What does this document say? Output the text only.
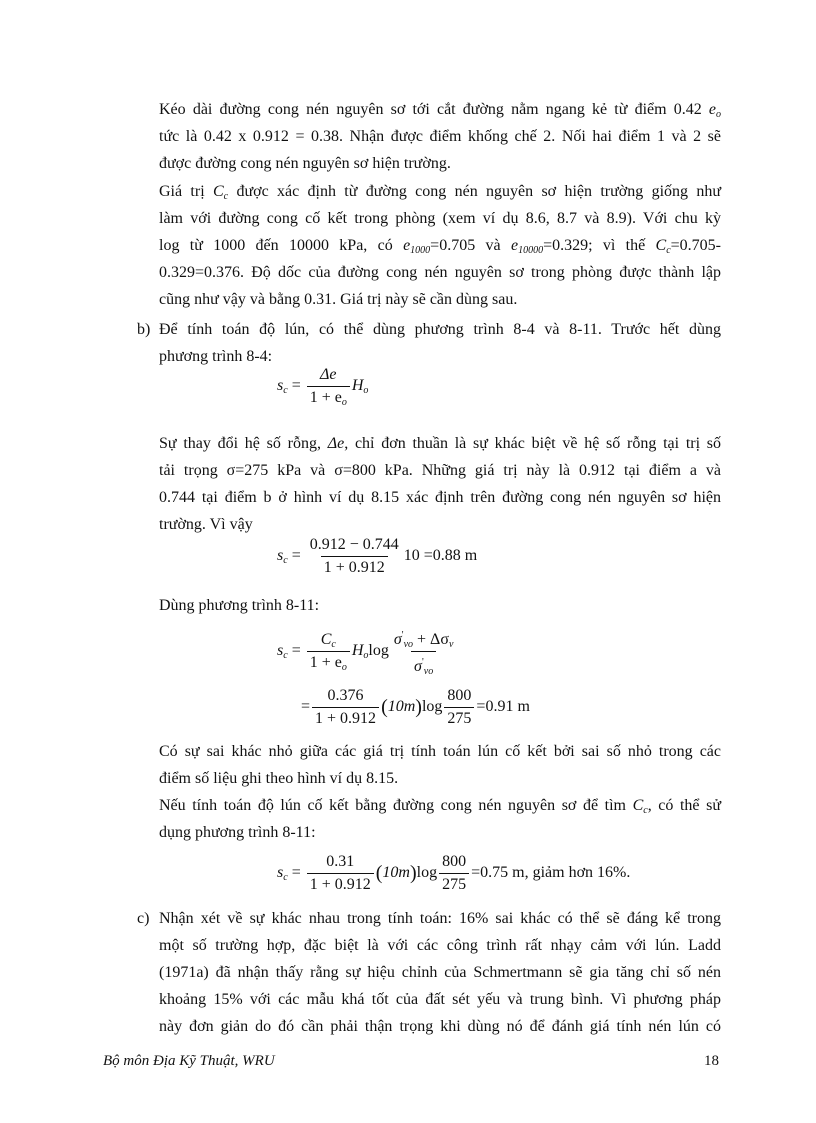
Kéo dài đường cong nén nguyên sơ tới cắt đường nằm ngang kẻ từ điểm 0.42 $e_o$

tức là 0.42 x 0.912 = 0.38. Nhận được điểm khống chế 2. Nối hai điểm 1 và 2 sẽ

được đường cong nén nguyên sơ hiện trường.

Giá trị $C_c$ được xác định từ đường cong nén nguyên sơ hiện trường giống như

làm với đường cong cố kết trong phòng (xem ví dụ 8.6, 8.7 và 8.9). Với chu kỳ

log từ 1000 đến 10000 kPa, có $e_{1000}=0.705$ và $e_{10000}=0.329$; vì thế $C_c=0.705-$

0.329=0.376. Độ dốc của đường cong nén nguyên sơ trong phòng được thành lập

cũng như vậy và bằng 0.31. Giá trị này sẽ cần dùng sau.

b) Để tính toán độ lún, có thể dùng phương trình 8-4 và 8-11. Trước hết dùng

phương trình 8-4:

$s_c = \frac{\Delta e}{1 + e_o} H_o$

Sự thay đổi hệ số rỗng, Δe, chỉ đơn thuần là sự khác biệt về hệ số rỗng tại trị số

tải trọng σ=275 kPa và σ=800 kPa. Những giá trị này là 0.912 tại điểm a và

0.744 tại điểm b ở hình ví dụ 8.15 xác định trên đường cong nén nguyên sơ hiện

trường. Vì vậy

$s_c = \frac{0.912 - 0.744}{1 + 0.912} 10 =0.88$ m

Dùng phương trình 8-11:

$s_c = \frac{C_c}{1 + e_o} H_o\log \frac{\sigma'_{vo} + \Delta\sigma_v}{\sigma'_{vo}}$
= $\frac{0.376}{1 + 0.912} (10m)\log \frac{800}{275} =0.91$ m

Có sự sai khác nhỏ giữa các giá trị tính toán lún cố kết bởi sai số nhỏ trong các

điểm số liệu ghi theo hình ví dụ 8.15.

Nếu tính toán độ lún cố kết bằng đường cong nén nguyên sơ để tìm $C_c$, có thể sử

dụng phương trình 8-11:

$s_c = \frac{0.31}{1 + 0.912} (10m)\log \frac{800}{275} =0.75$ m, giảm hơn 16%.
c) Nhận xét về sự khác nhau trong tính toán: 16% sai khác có thể sẽ đáng kể trong

một số trường hợp, đặc biệt là với các công trình rất nhạy cảm với lún. Ladd

(1971a) đã nhận thấy rằng sự hiệu chỉnh của Schmertmann sẽ gia tăng chỉ số nén

khoảng 15% với các mẫu khá tốt của đất sét yếu và trung bình. Vì phương pháp

này đơn giản do đó cần phải thận trọng khi dùng nó để đánh giá tính nén lún có

Bộ môn Địa Kỹ Thuật, WRU	18
